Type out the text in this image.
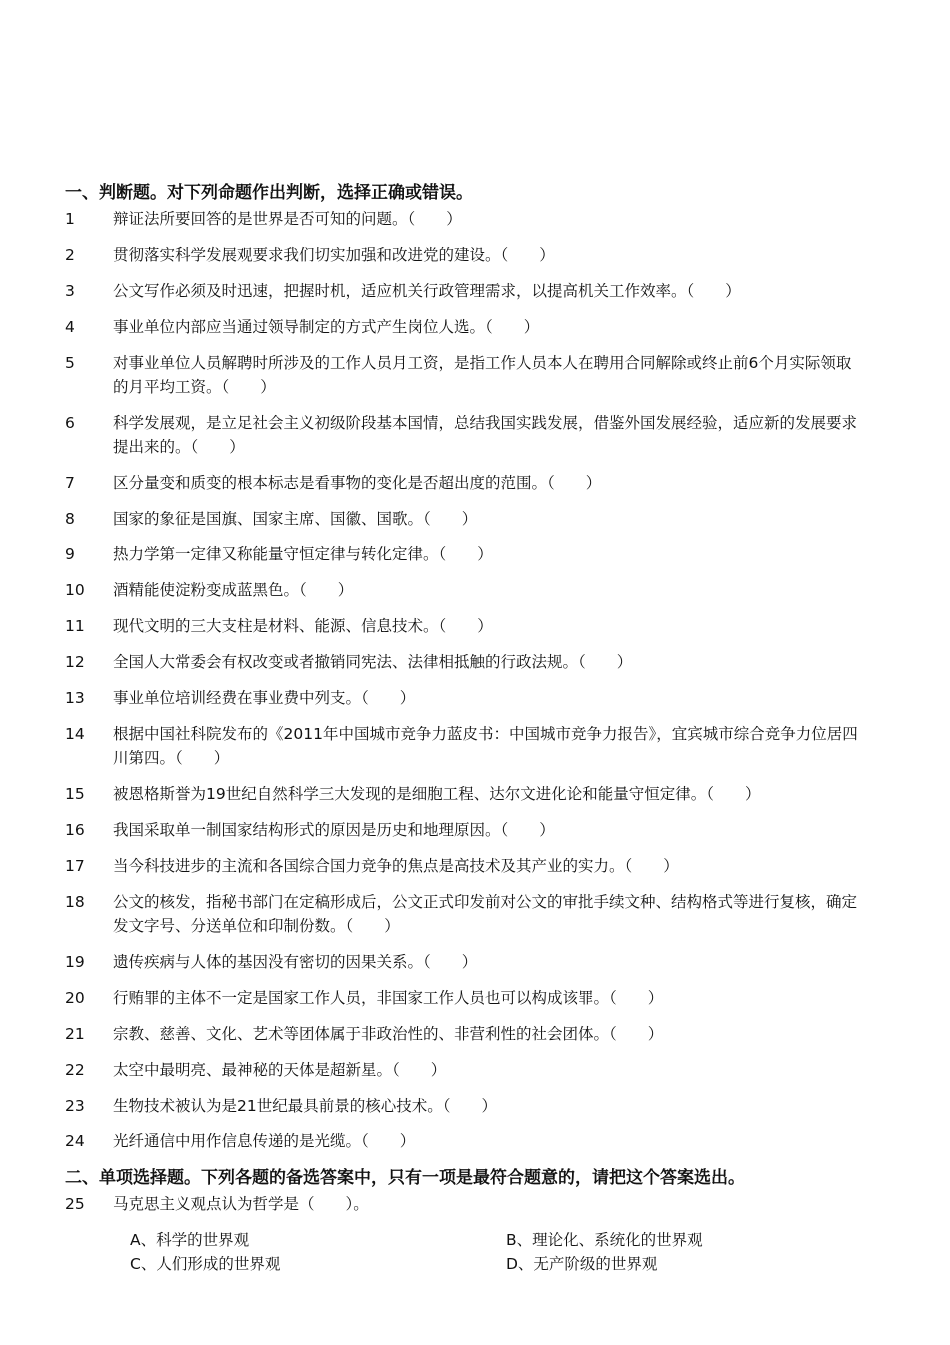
一、判断题。对下列命题作出判断，选择正确或错误。
1	辩证法所要回答的是世界是否可知的问题。（　　）
2	贯彻落实科学发展观要求我们切实加强和改进党的建设。（　　）
3	公文写作必须及时迅速，把握时机，适应机关行政管理需求，以提高机关工作效率。（　　）
4	事业单位内部应当通过领导制定的方式产生岗位人选。（　　）
5	对事业单位人员解聘时所涉及的工作人员月工资，是指工作人员本人在聘用合同解除或终止前6个月实际领取的月平均工资。（　　）
6	科学发展观，是立足社会主义初级阶段基本国情，总结我国实践发展，借鉴外国发展经验，适应新的发展要求提出来的。（　　）
7	区分量变和质变的根本标志是看事物的变化是否超出度的范围。（　　）
8	国家的象征是国旗、国家主席、国徽、国歌。（　　）
9	热力学第一定律又称能量守恒定律与转化定律。（　　）
10	酒精能使淀粉变成蓝黑色。（　　）
11	现代文明的三大支柱是材料、能源、信息技术。（　　）
12	全国人大常委会有权改变或者撤销同宪法、法律相抵触的行政法规。（　　）
13	事业单位培训经费在事业费中列支。（　　）
14	根据中国社科院发布的《2011年中国城市竞争力蓝皮书：中国城市竞争力报告》，宜宾城市综合竞争力位居四川第四。（　　）
15	被恩格斯誉为19世纪自然科学三大发现的是细胞工程、达尔文进化论和能量守恒定律。（　　）
16	我国采取单一制国家结构形式的原因是历史和地理原因。（　　）
17	当今科技进步的主流和各国综合国力竞争的焦点是高技术及其产业的实力。（　　）
18	公文的核发，指秘书部门在定稿形成后，公文正式印发前对公文的审批手续文种、结构格式等进行复核，确定发文字号、分送单位和印制份数。（　　）
19	遗传疾病与人体的基因没有密切的因果关系。（　　）
20	行贿罪的主体不一定是国家工作人员，非国家工作人员也可以构成该罪。（　　）
21	宗教、慈善、文化、艺术等团体属于非政治性的、非营利性的社会团体。（　　）
22	太空中最明亮、最神秘的天体是超新星。（　　）
23	生物技术被认为是21世纪最具前景的核心技术。（　　）
24	光纤通信中用作信息传递的是光缆。（　　）
二、单项选择题。下列各题的备选答案中，只有一项是最符合题意的，请把这个答案选出。
25	马克思主义观点认为哲学是（　　）。
A、科学的世界观	B、理论化、系统化的世界观
C、人们形成的世界观	D、无产阶级的世界观
